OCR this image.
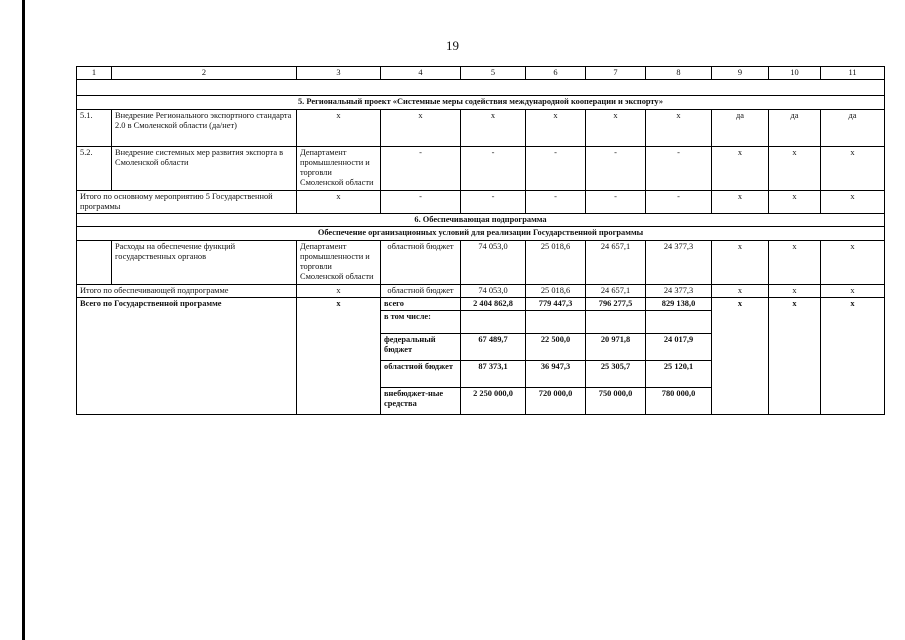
19
1	2	3	4	5	6	7	8	9	10	11

5. Региональный проект «Системные меры содействия международной кооперации и экспорту»										
5.1.	Внедрение Регионального экспортного стандарта 2.0 в Смоленской области (да/нет)	х	х	х	х	х	х	да	да	да
5.2.	Внедрение системных мер развития экспорта в Смоленской области	Департамент промышленности и торговли Смоленской области	-	-	-	-	-	х	х	х
Итого по основному мероприятию 5 Государственной программы		х	-	-	-	-	-	х	х	х
6. Обеспечивающая подпрограмма										
Обеспечение организационных условий для реализации Государственной программы										
	Расходы на обеспечение функций государственных органов	Департамент промышленности и торговли Смоленской области	областной бюджет	74 053,0	25 018,6	24 657,1	24 377,3	х	х	х
Итого по обеспечивающей подпрограмме		х	областной бюджет	74 053,0	25 018,6	24 657,1	24 377,3	х	х	х
Всего по Государственной программе		х	всего	2 404 862,8	779 447,3	796 277,5	829 138,0	х	х	х
			в том числе:							
			федеральный бюджет	67 489,7	22 500,0	20 971,8	24 017,9			
			областной бюджет	87 373,1	36 947,3	25 305,7	25 120,1			
			внебюджет-ные средства	2 250 000,0	720 000,0	750 000,0	780 000,0			
